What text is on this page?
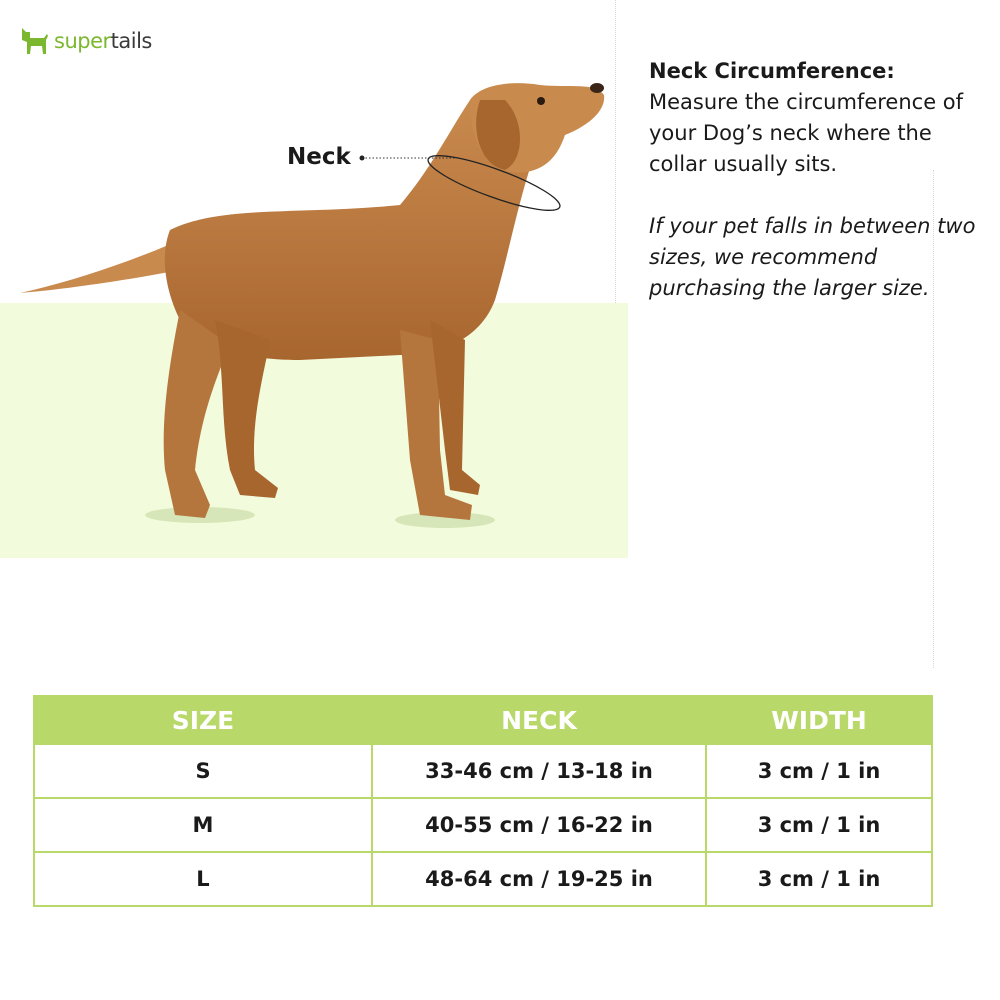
supertails
Neck
Neck Circumference:
Measure the circumference of your Dog’s neck where the collar usually sits.
If your pet falls in between two sizes, we recommend purchasing the larger size.
SIZE	NECK	WIDTH
S	33-46 cm / 13-18 in	3 cm / 1 in
M	40-55 cm / 16-22 in	3 cm / 1 in
L	48-64 cm / 19-25 in	3 cm / 1 in
